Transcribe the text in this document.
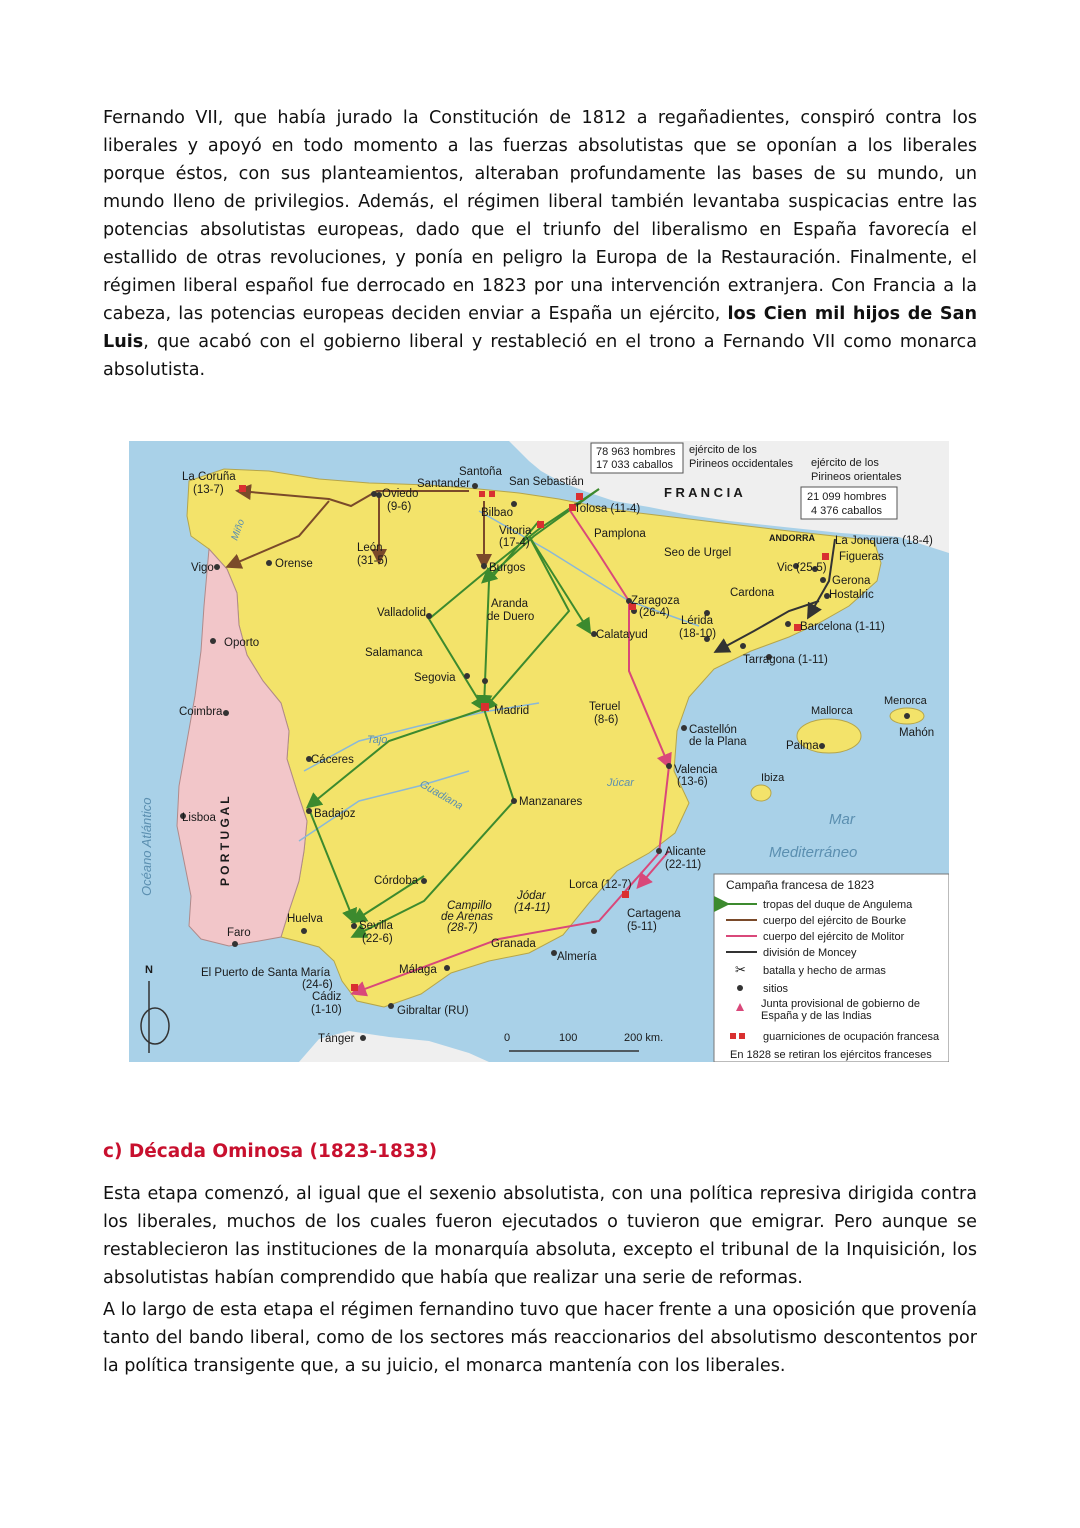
Fernando VII, que había jurado la Constitución de 1812 a regañadientes, conspiró contra los liberales y apoyó en todo momento a las fuerzas absolutistas que se oponían a los liberales porque éstos, con sus planteamientos, alteraban profundamente las bases de su mundo, un mundo lleno de privilegios. Además, el régimen liberal también levantaba suspicacias entre las potencias absolutistas europeas, dado que el triunfo del liberalismo en España favorecía el estallido de otras revoluciones, y ponía en peligro la Europa de la Restauración. Finalmente, el régimen liberal español fue derrocado en 1823 por una intervención extranjera. Con Francia a la cabeza, las potencias europeas deciden enviar a España un ejército, los Cien mil hijos de San Luis, que acabó con el gobierno liberal y restableció en el trono a Fernando VII como monarca absolutista.
78 963 hombres
17 033 caballos
ejército de los
Pirineos occidentales ejército de los
Pirineos orientales
21 099 hombres
4 376 caballos
F R A N C I A
P O R T U G A L
Océano Atlántico	Mar
Mediterráneo
ANDORRA
Menorca
Mallorca
Ibiza
Tajo
Guadiana	Júcar
Miño
Campaña francesa de 1823
tropas del duque de Angulema
cuerpo del ejército de Bourke
cuerpo del ejército de Molitor
división de Moncey
✂ batalla y hecho de armas
sitios
Junta provisional de gobierno de España y de las Indias
guarniciones de ocupación francesa
En 1828 se retiran los ejércitos franceses
0	100	200 km.
N
La Coruña
(13-7)
Santoña
Santander	San Sebastián
Oviedo
(9-6)	Bilbao	Tolosa (11-4)
Vitoria
(17-4)
Pamplona
León
(31-5)
Seo de Urgel
La Jonquera (18-4)
Figueras
Vigo	Orense	Burgos	Vic (25-5)
Gerona
Hostalric
Cardona
Aranda
de Duero
Zaragoza
(26-4)
Valladolid
Lérida
(18-10)
Barcelona (1-11)
Calatayud
Oporto
Salamanca
Tarragona (1-11)
Segovia
Madrid	Teruel
(8-6)
Coimbra
Castellón
de la Plana	Palma
Mahón
Cáceres
Valencia
(13-6)
Lisboa	Badajoz
Manzanares
Alicante
(22-11)
Córdoba
Jódar
(14-11)
Lorca (12-7)
Campillo
de Arenas
(28-7)
Cartagena
(5-11)
Huelva
Sevilla
(22-6)
Faro
Granada
Almería
El Puerto de Santa María
(24-6)
Málaga
Cádiz
(1-10)	Gibraltar (RU)
Tánger
c) Década Ominosa (1823-1833)
Esta etapa comenzó, al igual que el sexenio absolutista, con una política represiva dirigida contra los liberales, muchos de los cuales fueron ejecutados o tuvieron que emigrar. Pero aunque se restablecieron las instituciones de la monarquía absoluta, excepto el tribunal de la Inquisición, los absolutistas habían comprendido que había que realizar una serie de reformas.
A lo largo de esta etapa el régimen fernandino tuvo que hacer frente a una oposición que provenía tanto del bando liberal, como de los sectores más reaccionarios del absolutismo descontentos por la política transigente que, a su juicio, el monarca mantenía con los liberales.
